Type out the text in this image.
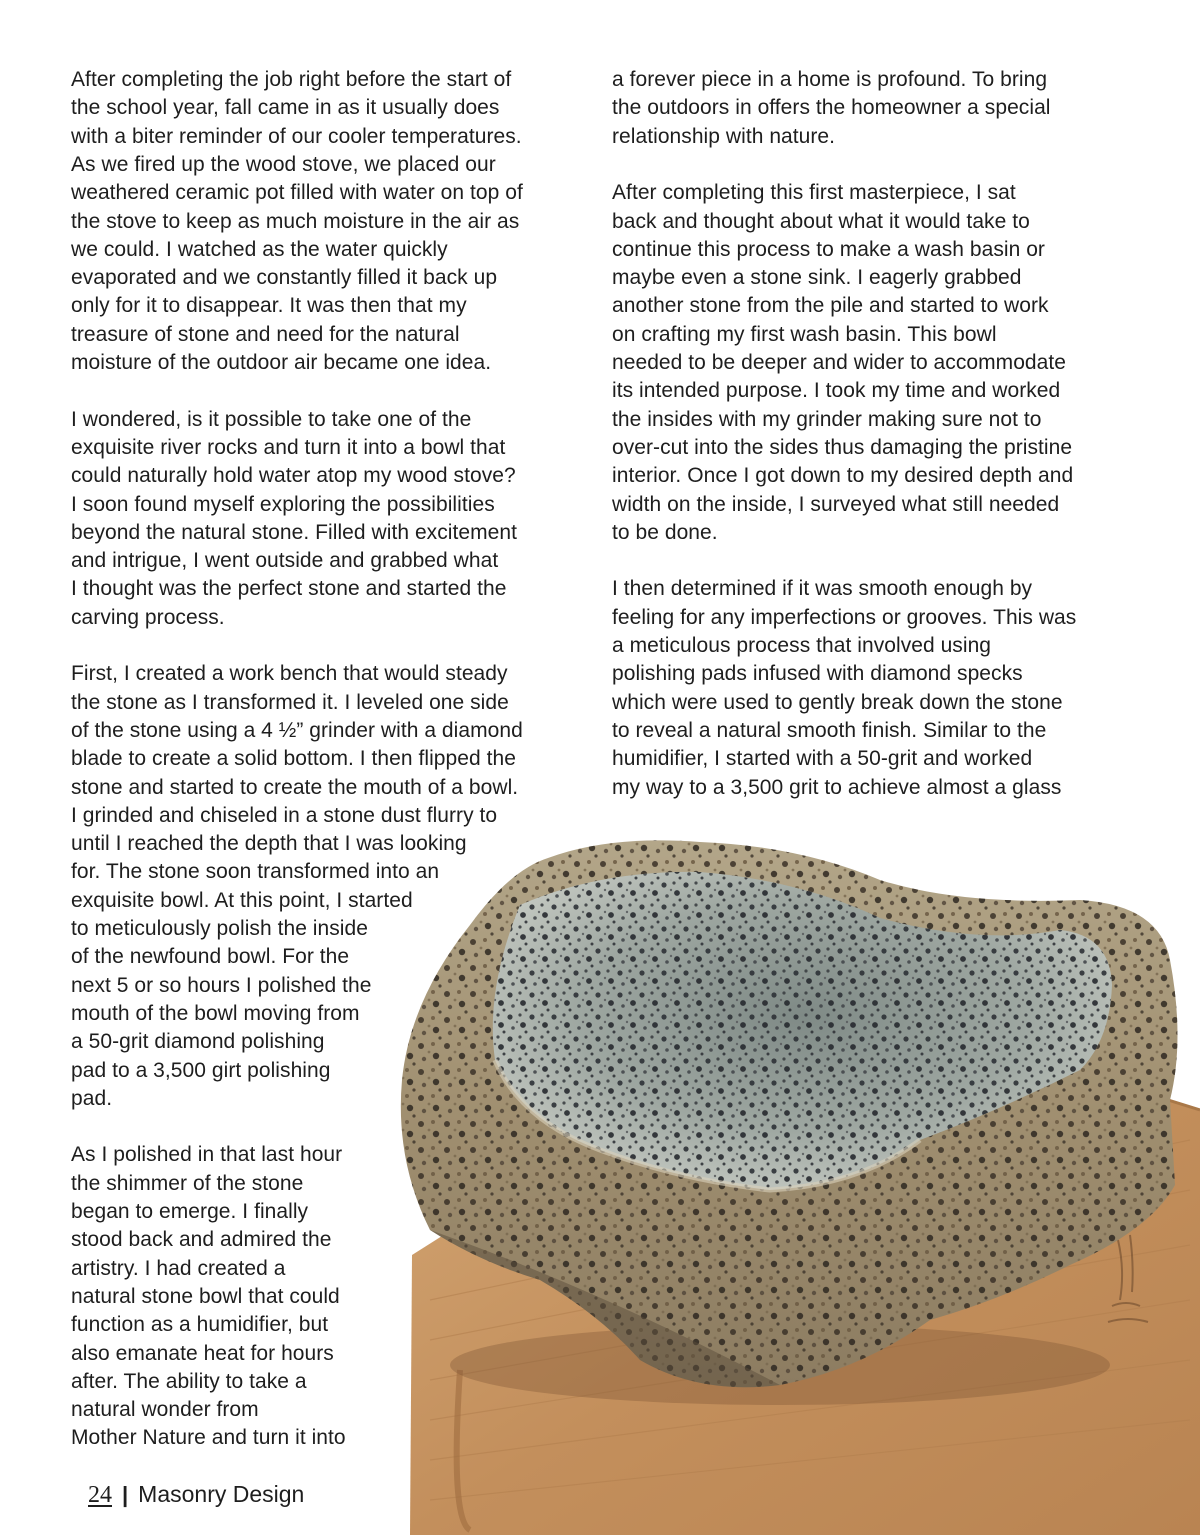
After completing the job right before the start of
the school year, fall came in as it usually does
with a biter reminder of our cooler temperatures.
As we fired up the wood stove, we placed our
weathered ceramic pot filled with water on top of
the stove to keep as much moisture in the air as
we could. I watched as the water quickly
evaporated and we constantly filled it back up
only for it to disappear. It was then that my
treasure of stone and need for the natural
moisture of the outdoor air became one idea.
I wondered, is it possible to take one of the
exquisite river rocks and turn it into a bowl that
could naturally hold water atop my wood stove?
I soon found myself exploring the possibilities
beyond the natural stone. Filled with excitement
and intrigue, I went outside and grabbed what
I thought was the perfect stone and started the
carving process.
First, I created a work bench that would steady
the stone as I transformed it. I leveled one side
of the stone using a 4 ½” grinder with a diamond
blade to create a solid bottom. I then flipped the
stone and started to create the mouth of a bowl.
I grinded and chiseled in a stone dust flurry to
until I reached the depth that I was looking
for. The stone soon transformed into an
exquisite bowl. At this point, I started
to meticulously polish the inside
of the newfound bowl. For the
next 5 or so hours I polished the
mouth of the bowl moving from
a 50-grit diamond polishing
pad to a 3,500 girt polishing
pad.
As I polished in that last hour
the shimmer of the stone
began to emerge. I finally
stood back and admired the
artistry. I had created a
natural stone bowl that could
function as a humidifier, but
also emanate heat for hours
after. The ability to take a
natural wonder from
Mother Nature and turn it into
a forever piece in a home is profound. To bring
the outdoors in offers the homeowner a special
relationship with nature.
After completing this first masterpiece, I sat
back and thought about what it would take to
continue this process to make a wash basin or
maybe even a stone sink. I eagerly grabbed
another stone from the pile and started to work
on crafting my first wash basin. This bowl
needed to be deeper and wider to accommodate
its intended purpose. I took my time and worked
the insides with my grinder making sure not to
over-cut into the sides thus damaging the pristine
interior. Once I got down to my desired depth and
width on the inside, I surveyed what still needed
to be done.
I then determined if it was smooth enough by
feeling for any imperfections or grooves. This was
a meticulous process that involved using
polishing pads infused with diamond specks
which were used to gently break down the stone
to reveal a natural smooth finish. Similar to the
humidifier, I started with a 50-grit and worked
my way to a 3,500 grit to achieve almost a glass
24 | Masonry Design
